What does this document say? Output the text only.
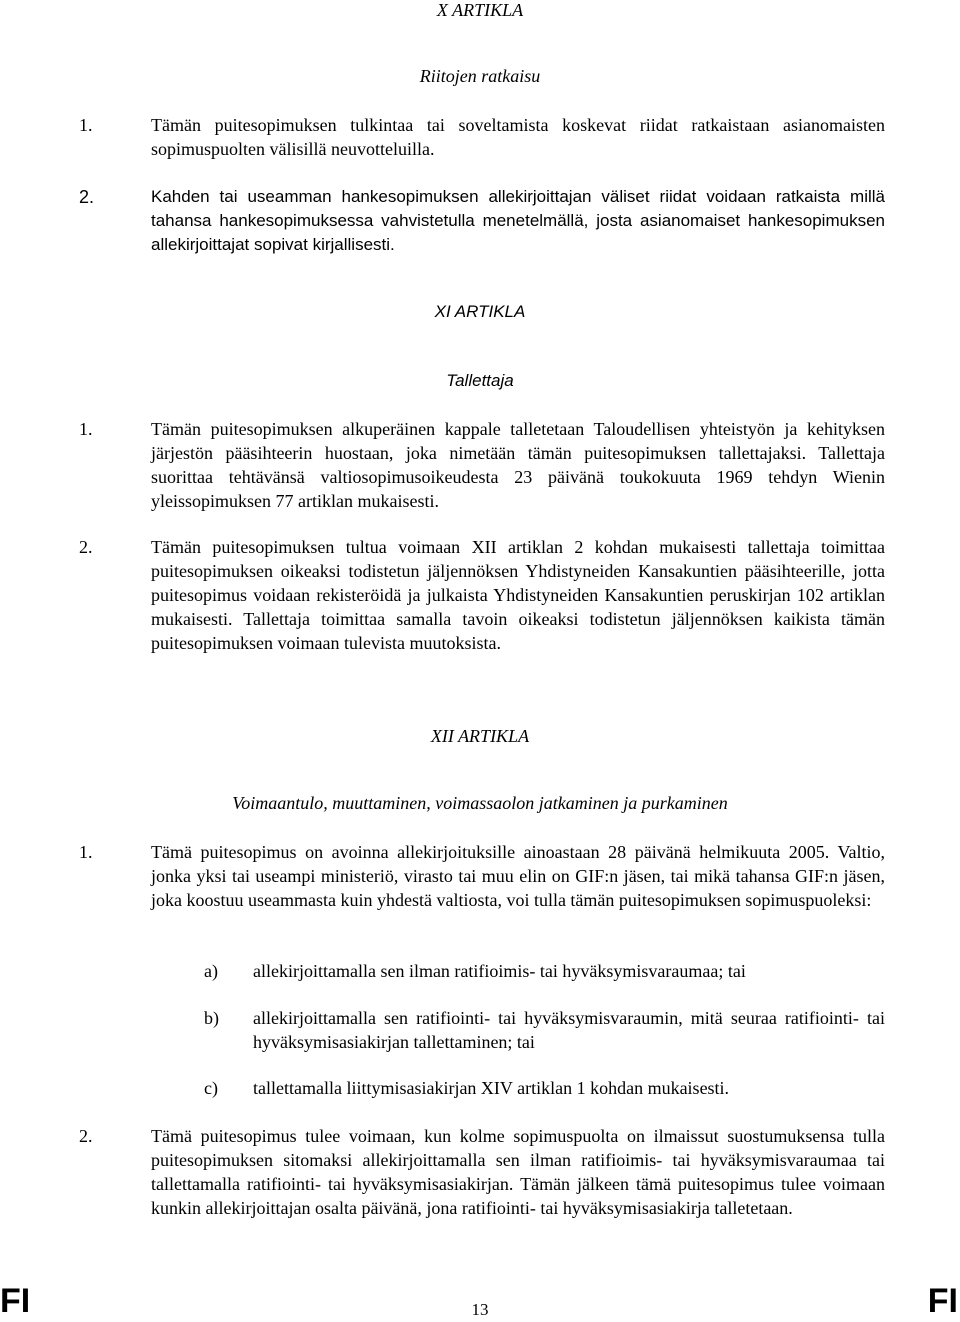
X ARTIKLA
Riitojen ratkaisu
1.	Tämän puitesopimuksen tulkintaa tai soveltamista koskevat riidat ratkaistaan asianomaisten sopimuspuolten välisillä neuvotteluilla.

2.	Kahden tai useamman hankesopimuksen allekirjoittajan väliset riidat voidaan ratkaista millä tahansa hankesopimuksessa vahvistetulla menetelmällä, josta asianomaiset hankesopimuksen allekirjoittajat sopivat kirjallisesti.

XI ARTIKLA
Tallettaja
1.	Tämän puitesopimuksen alkuperäinen kappale talletetaan Taloudellisen yhteistyön ja kehityksen järjestön pääsihteerin huostaan, joka nimetään tämän puitesopimuksen tallettajaksi. Tallettaja suorittaa tehtävänsä valtiosopimusoikeudesta 23 päivänä toukokuuta 1969 tehdyn Wienin yleissopimuksen 77 artiklan mukaisesti.

2.	Tämän puitesopimuksen tultua voimaan XII artiklan 2 kohdan mukaisesti tallettaja toimittaa puitesopimuksen oikeaksi todistetun jäljennöksen Yhdistyneiden Kansakuntien pääsihteerille, jotta puitesopimus voidaan rekisteröidä ja julkaista Yhdistyneiden Kansakuntien peruskirjan 102 artiklan mukaisesti. Tallettaja toimittaa samalla tavoin oikeaksi todistetun jäljennöksen kaikista tämän puitesopimuksen voimaan tulevista muutoksista.

XII ARTIKLA
Voimaantulo, muuttaminen, voimassaolon jatkaminen ja purkaminen
1.	Tämä puitesopimus on avoinna allekirjoituksille ainoastaan 28 päivänä helmikuuta 2005. Valtio, jonka yksi tai useampi ministeriö, virasto tai muu elin on GIF:n jäsen, tai mikä tahansa GIF:n jäsen, joka koostuu useammasta kuin yhdestä valtiosta, voi tulla tämän puitesopimuksen sopimuspuoleksi:

a) allekirjoittamalla sen ilman ratifioimis- tai hyväksymisvaraumaa; tai

b) allekirjoittamalla sen ratifiointi- tai hyväksymisvaraumin, mitä seuraa ratifiointi- tai hyväksymisasiakirjan tallettaminen; tai

c) tallettamalla liittymisasiakirjan XIV artiklan 1 kohdan mukaisesti.

2.	Tämä puitesopimus tulee voimaan, kun kolme sopimuspuolta on ilmaissut suostumuksensa tulla puitesopimuksen sitomaksi allekirjoittamalla sen ilman ratifioimis- tai hyväksymisvaraumaa tai tallettamalla ratifiointi- tai hyväksymisasiakirjan. Tämän jälkeen tämä puitesopimus tulee voimaan kunkin allekirjoittajan osalta päivänä, jona ratifiointi- tai hyväksymisasiakirja talletetaan.

FI	13	FI
